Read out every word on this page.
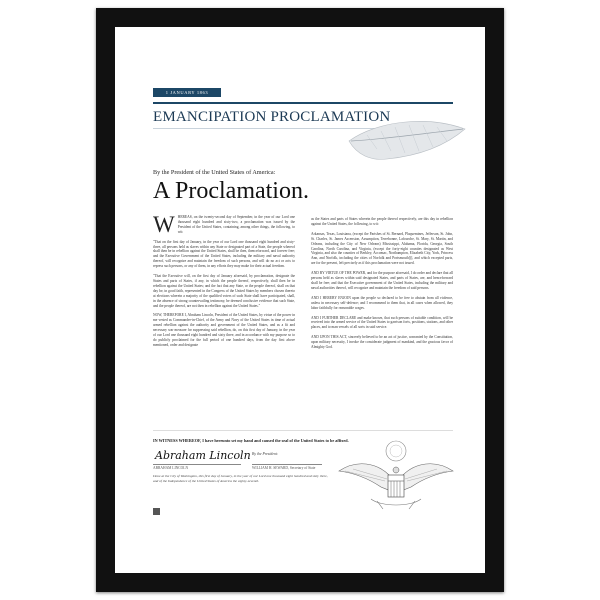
1 JANUARY 1863
EMANCIPATION PROCLAMATION
By the President of the United States of America:
A Proclamation.

WHEREAS, on the twenty-second day of September, in the year of our Lord one thousand eight hundred and sixty-two, a proclamation was issued by the President of the United States, containing, among other things, the following, to wit:

"That on the first day of January, in the year of our Lord one thousand eight hundred and sixty-three, all persons held as slaves within any State or designated part of a State, the people whereof shall then be in rebellion against the United States, shall be then, thenceforward, and forever free; and the Executive Government of the United States, including the military and naval authority thereof, will recognize and maintain the freedom of such persons, and will do no act or acts to repress such persons, or any of them, in any efforts they may make for their actual freedom.

"That the Executive will, on the first day of January aforesaid, by proclamation, designate the States and parts of States, if any, in which the people thereof, respectively, shall then be in rebellion against the United States; and the fact that any State, or the people thereof, shall on that day be, in good faith, represented in the Congress of the United States by members chosen thereto at elections wherein a majority of the qualified voters of such State shall have participated, shall, in the absence of strong countervailing testimony, be deemed conclusive evidence that such State, and the people thereof, are not then in rebellion against the United States."

NOW, THEREFORE I, Abraham Lincoln, President of the United States, by virtue of the power in me vested as Commander-in-Chief, of the Army and Navy of the United States in time of actual armed rebellion against the authority and government of the United States, and as a fit and necessary war measure for suppressing said rebellion, do, on this first day of January, in the year of our Lord one thousand eight hundred and sixty three, and in accordance with my purpose so to do publicly proclaimed for the full period of one hundred days, from the day first above mentioned, order and designate

as the States and parts of States wherein the people thereof respectively, are this day in rebellion against the United States, the following, to wit:

Arkansas, Texas, Louisiana, (except the Parishes of St. Bernard, Plaquemines, Jefferson, St. John, St. Charles, St. James Ascension, Assumption, Terrebonne, Lafourche, St. Mary, St. Martin, and Orleans, including the City of New Orleans) Mississippi, Alabama, Florida, Georgia, South Carolina, North Carolina, and Virginia, (except the forty-eight counties designated as West Virginia, and also the counties of Berkley, Accomac, Northampton, Elizabeth City, York, Princess Ann, and Norfolk, including the cities of Norfolk and Portsmouth[)], and which excepted parts, are for the present, left precisely as if this proclamation were not issued.

AND BY VIRTUE OF THE POWER, and for the purpose aforesaid, I do order and declare that all persons held as slaves within said designated States, and parts of States, are, and henceforward shall be free; and that the Executive government of the United States, including the military and naval authorities thereof, will recognize and maintain the freedom of said persons.

AND I HEREBY ENJOIN upon the people so declared to be free to abstain from all violence, unless in necessary self-defence; and I recommend to them that, in all cases when allowed, they labor faithfully for reasonable wages.

AND I FURTHER DECLARE and make known, that such persons of suitable condition, will be received into the armed service of the United States to garrison forts, positions, stations, and other places, and to man vessels of all sorts in said service.

AND UPON THIS ACT, sincerely believed to be an act of justice, warranted by the Constitution, upon military necessity, I invoke the considerate judgment of mankind, and the gracious favor of Almighty God.

IN WITNESS WHEREOF, I have hereunto set my hand and caused the seal of the United States to be affixed.
Abraham Lincoln
ABRAHAM LINCOLN
By the President:
WILLIAM H. SEWARD, Secretary of State
Done at the City of Washington, this first day of January, in the year of our Lord one thousand eight hundred and sixty three, and of the Independence of the United States of America the eighty-seventh.
